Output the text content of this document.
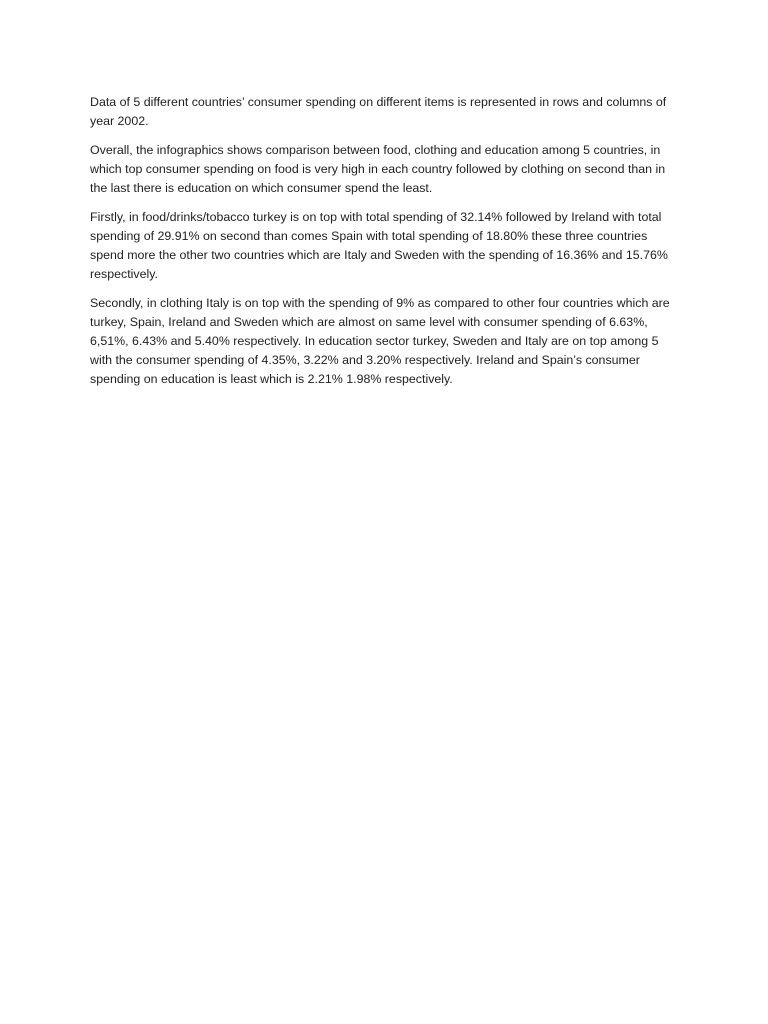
Data of 5 different countries’ consumer spending on different items is represented in rows and columns of year 2002.

Overall, the infographics shows comparison between food, clothing and education among 5 countries, in which top consumer spending on food is very high in each country followed by clothing on second than in the last there is education on which consumer spend the least.

Firstly, in food/drinks/tobacco turkey is on top with total spending of 32.14% followed by Ireland with total spending of 29.91% on second than comes Spain with total spending of 18.80% these three countries spend more the other two countries which are Italy and Sweden with the spending of 16.36% and 15.76% respectively.

Secondly, in clothing Italy is on top with the spending of 9% as compared to other four countries which are turkey, Spain, Ireland and Sweden which are almost on same level with consumer spending of 6.63%, 6,51%, 6.43% and 5.40% respectively. In education sector turkey, Sweden and Italy are on top among 5 with the consumer spending of 4.35%, 3.22% and 3.20% respectively. Ireland and Spain’s consumer spending on education is least which is 2.21% 1.98% respectively.
